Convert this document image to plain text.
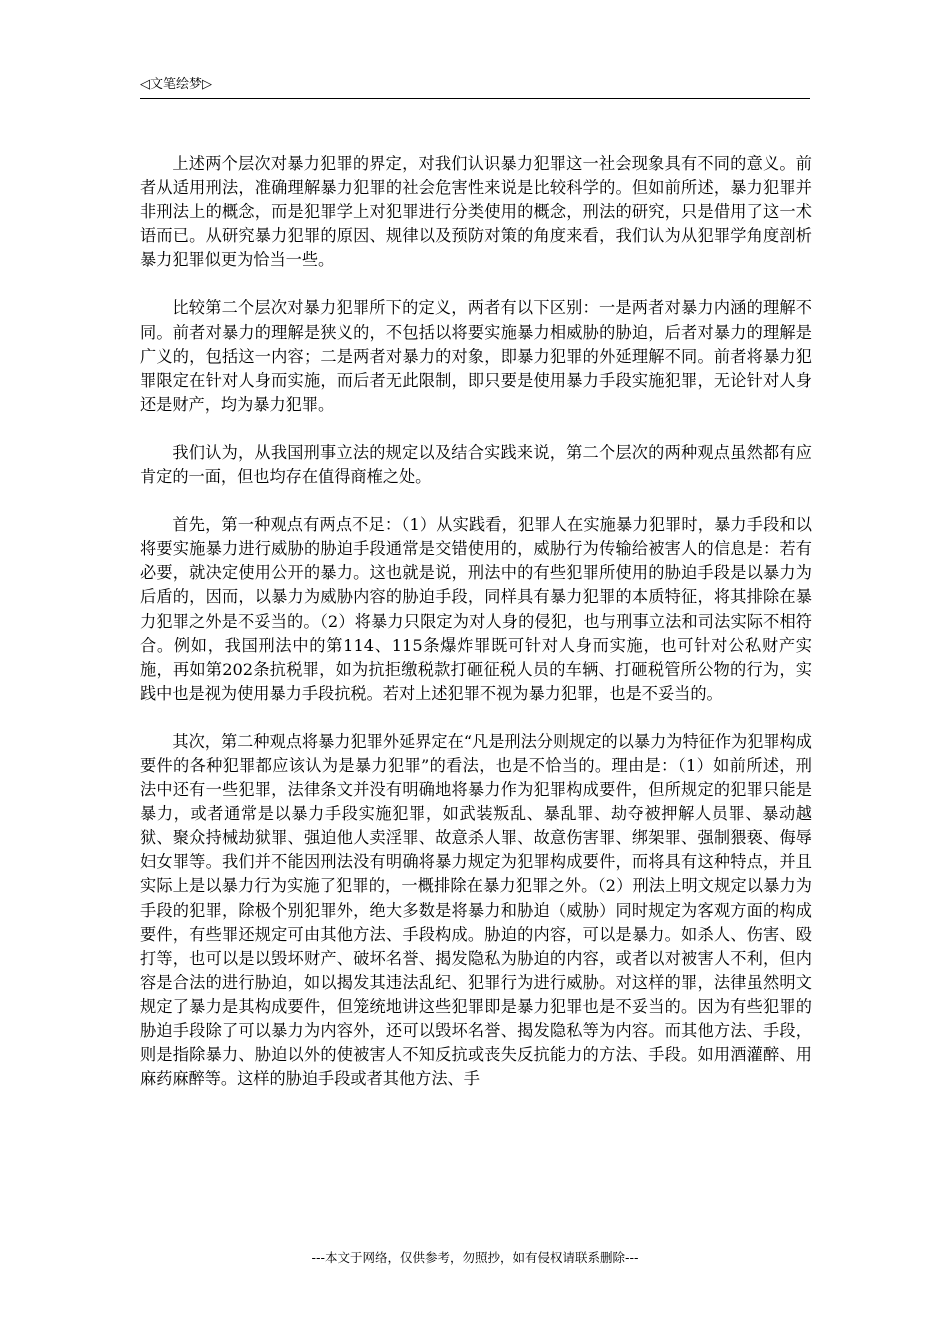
◁文笔绘梦▷

上述两个层次对暴力犯罪的界定，对我们认识暴力犯罪这一社会现象具有不同的意义。前者从适用刑法，准确理解暴力犯罪的社会危害性来说是比较科学的。但如前所述，暴力犯罪并非刑法上的概念，而是犯罪学上对犯罪进行分类使用的概念，刑法的研究，只是借用了这一术语而已。从研究暴力犯罪的原因、规律以及预防对策的角度来看，我们认为从犯罪学角度剖析暴力犯罪似更为恰当一些。

比较第二个层次对暴力犯罪所下的定义，两者有以下区别：一是两者对暴力内涵的理解不同。前者对暴力的理解是狭义的，不包括以将要实施暴力相威胁的胁迫，后者对暴力的理解是广义的，包括这一内容；二是两者对暴力的对象，即暴力犯罪的外延理解不同。前者将暴力犯罪限定在针对人身而实施，而后者无此限制，即只要是使用暴力手段实施犯罪，无论针对人身还是财产，均为暴力犯罪。

我们认为，从我国刑事立法的规定以及结合实践来说，第二个层次的两种观点虽然都有应肯定的一面，但也均存在值得商榷之处。

首先，第一种观点有两点不足：（1）从实践看，犯罪人在实施暴力犯罪时，暴力手段和以将要实施暴力进行威胁的胁迫手段通常是交错使用的，威胁行为传输给被害人的信息是：若有必要，就决定使用公开的暴力。这也就是说，刑法中的有些犯罪所使用的胁迫手段是以暴力为后盾的，因而，以暴力为威胁内容的胁迫手段，同样具有暴力犯罪的本质特征，将其排除在暴力犯罪之外是不妥当的。（2）将暴力只限定为对人身的侵犯，也与刑事立法和司法实际不相符合。例如，我国刑法中的第114、115条爆炸罪既可针对人身而实施，也可针对公私财产实施，再如第202条抗税罪，如为抗拒缴税款打砸征税人员的车辆、打砸税管所公物的行为，实践中也是视为使用暴力手段抗税。若对上述犯罪不视为暴力犯罪，也是不妥当的。

其次，第二种观点将暴力犯罪外延界定在“凡是刑法分则规定的以暴力为特征作为犯罪构成要件的各种犯罪都应该认为是暴力犯罪”的看法，也是不恰当的。理由是：（1）如前所述，刑法中还有一些犯罪，法律条文并没有明确地将暴力作为犯罪构成要件，但所规定的犯罪只能是暴力，或者通常是以暴力手段实施犯罪，如武装叛乱、暴乱罪、劫夺被押解人员罪、暴动越狱、聚众持械劫狱罪、强迫他人卖淫罪、故意杀人罪、故意伤害罪、绑架罪、强制猥亵、侮辱妇女罪等。我们并不能因刑法没有明确将暴力规定为犯罪构成要件，而将具有这种特点，并且实际上是以暴力行为实施了犯罪的，一概排除在暴力犯罪之外。（2）刑法上明文规定以暴力为手段的犯罪，除极个别犯罪外，绝大多数是将暴力和胁迫（威胁）同时规定为客观方面的构成要件，有些罪还规定可由其他方法、手段构成。胁迫的内容，可以是暴力。如杀人、伤害、殴打等，也可以是以毁坏财产、破坏名誉、揭发隐私为胁迫的内容，或者以对被害人不利，但内容是合法的进行胁迫，如以揭发其违法乱纪、犯罪行为进行威胁。对这样的罪，法律虽然明文规定了暴力是其构成要件，但笼统地讲这些犯罪即是暴力犯罪也是不妥当的。因为有些犯罪的胁迫手段除了可以暴力为内容外，还可以毁坏名誉、揭发隐私等为内容。而其他方法、手段，则是指除暴力、胁迫以外的使被害人不知反抗或丧失反抗能力的方法、手段。如用酒灌醉、用麻药麻醉等。这样的胁迫手段或者其他方法、手

---本文于网络，仅供参考，勿照抄，如有侵权请联系删除---
